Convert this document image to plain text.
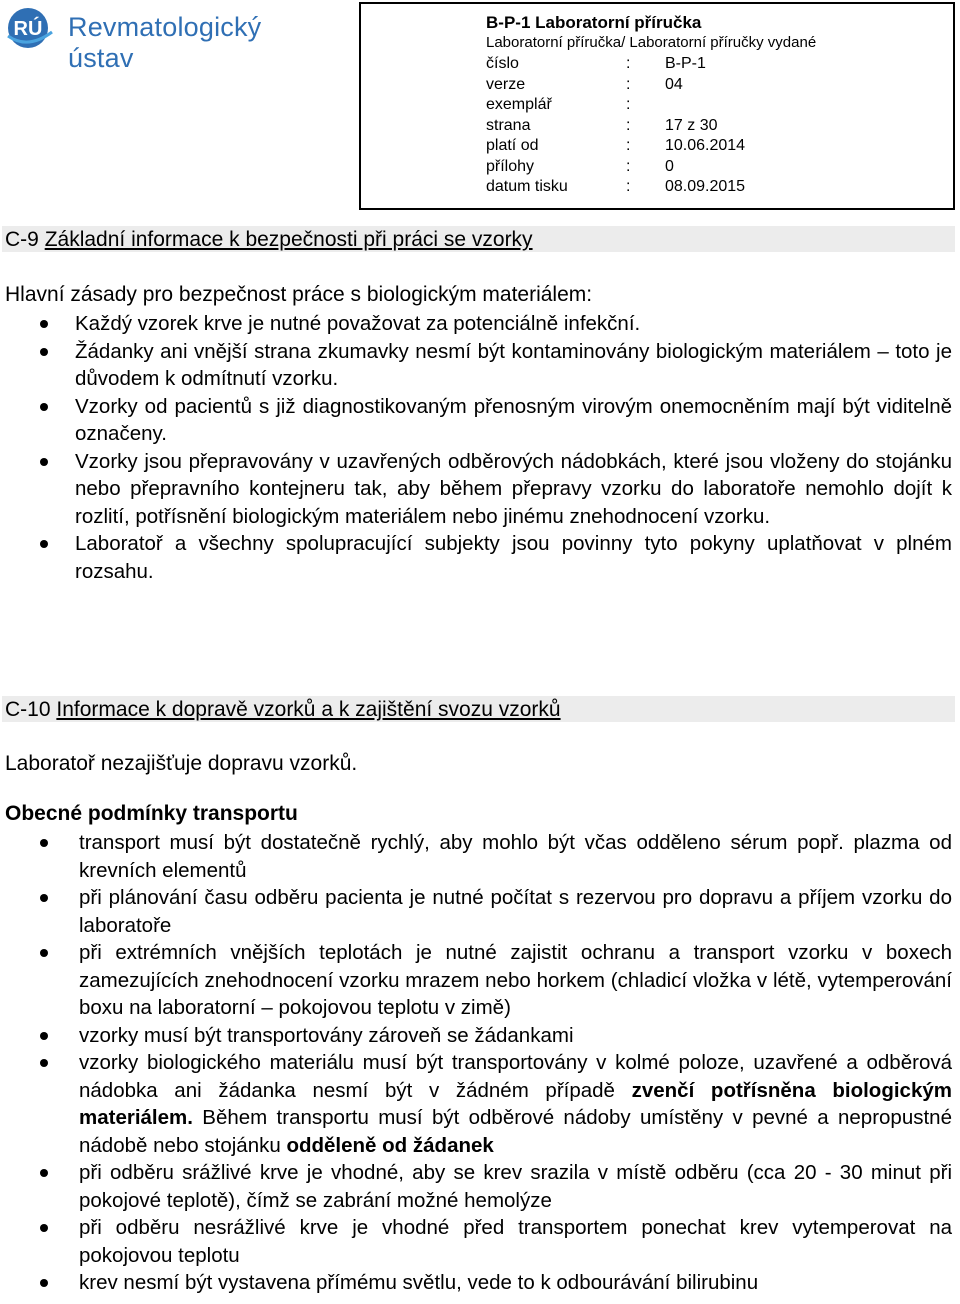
RÚ Revmatologický ústav
B-P-1 Laboratorní příručka
Laboratorní příručka/ Laboratorní příručky vydané
číslo	: B-P-1
verze	: 04
exemplář	:
strana	: 17 z 30
platí od	: 10.06.2014
přílohy	: 0
datum tisku	: 08.09.2015
C-9 Základní informace k bezpečnosti při práci se vzorky
Hlavní zásady pro bezpečnost práce s biologickým materiálem:
Každý vzorek krve je nutné považovat za potenciálně infekční.
Žádanky ani vnější strana zkumavky nesmí být kontaminovány biologickým materiálem – toto je důvodem k odmítnutí vzorku.
Vzorky od pacientů s již diagnostikovaným přenosným virovým onemocněním mají být viditelně označeny.
Vzorky jsou přepravovány v uzavřených odběrových nádobkách, které jsou vloženy do stojánku nebo přepravního kontejneru tak, aby během přepravy vzorku do laboratoře nemohlo dojít k rozlití, potřísnění biologickým materiálem nebo jinému znehodnocení vzorku.
Laboratoř a všechny spolupracující subjekty jsou povinny tyto pokyny uplatňovat v plném rozsahu.
C-10 Informace k dopravě vzorků a k zajištění svozu vzorků
Laboratoř nezajišťuje dopravu vzorků.
Obecné podmínky transportu
transport musí být dostatečně rychlý, aby mohlo být včas odděleno sérum popř. plazma od krevních elementů
při plánování času odběru pacienta je nutné počítat s rezervou pro dopravu a příjem vzorku do laboratoře
při extrémních vnějších teplotách je nutné zajistit ochranu a transport vzorku v boxech zamezujících znehodnocení vzorku mrazem nebo horkem (chladicí vložka v létě, vytemperování boxu na laboratorní – pokojovou teplotu v zimě)
vzorky musí být transportovány zároveň se žádankami
vzorky biologického materiálu musí být transportovány v kolmé poloze, uzavřené a odběrová nádobka ani žádanka nesmí být v žádném případě zvenčí potřísněna biologickým materiálem. Během transportu musí být odběrové nádoby umístěny v pevné a nepropustné nádobě nebo stojánku odděleně od žádanek
při odběru srážlivé krve je vhodné, aby se krev srazila v místě odběru (cca 20 - 30 minut při pokojové teplotě), čímž se zabrání možné hemolýze
při odběru nesrážlivé krve je vhodné před transportem ponechat krev vytemperovat na pokojovou teplotu
krev nesmí být vystavena přímému světlu, vede to k odbourávání bilirubinu
